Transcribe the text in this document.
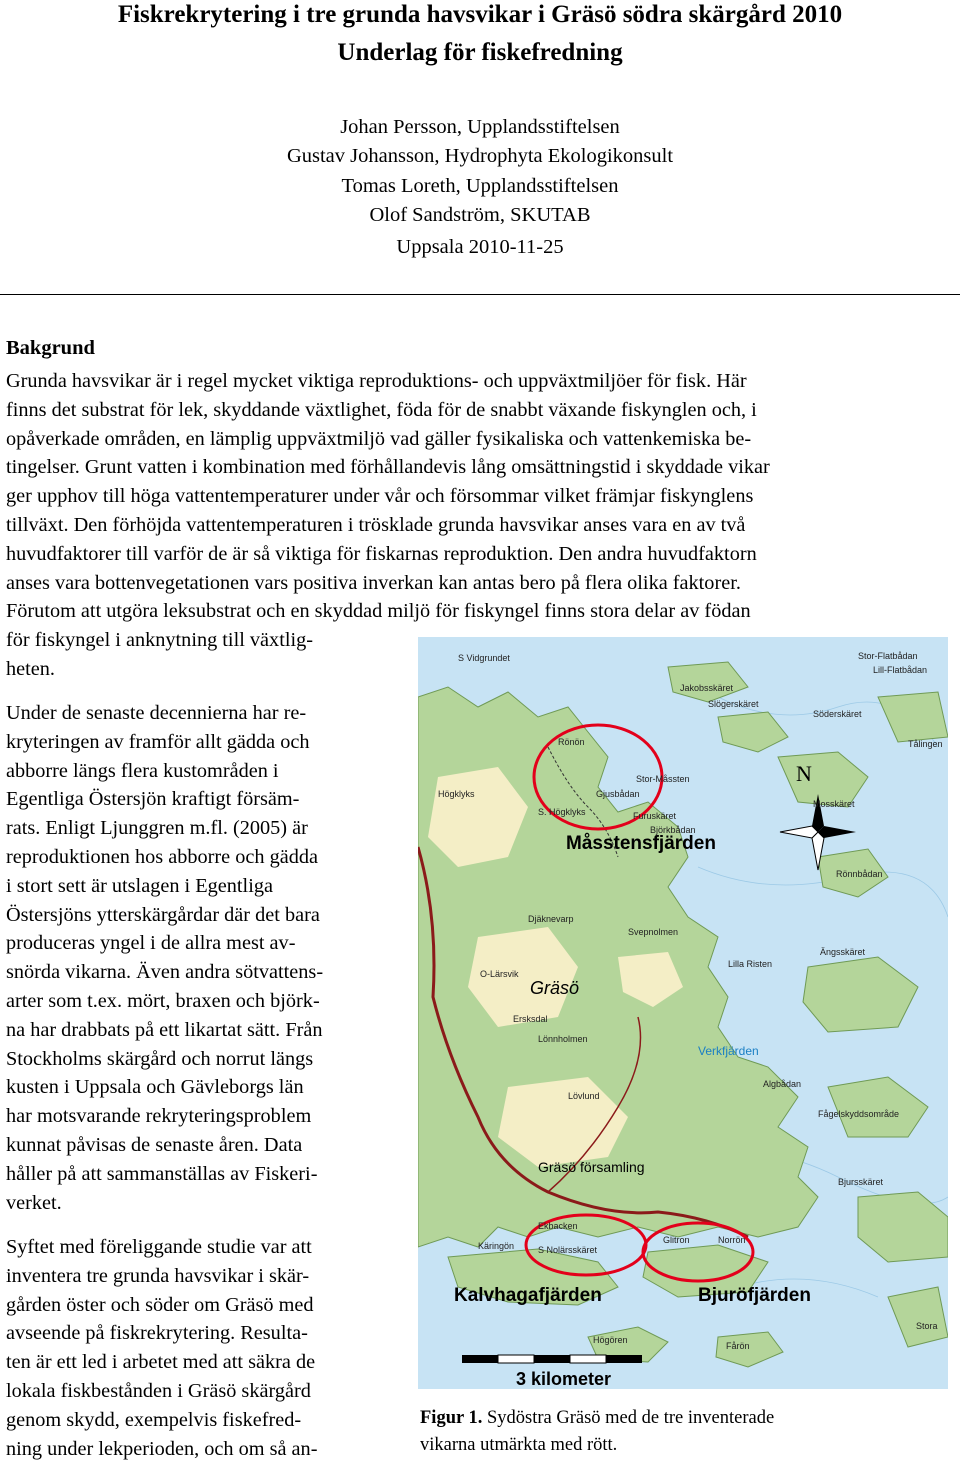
Fiskrekrytering i tre grunda havsvikar i Gräsö södra skärgård 2010
Underlag för fiskefredning
Johan Persson, Upplandsstiftelsen
Gustav Johansson, Hydrophyta Ekologikonsult
Tomas Loreth, Upplandsstiftelsen
Olof Sandström, SKUTAB
Uppsala 2010-11-25
Bakgrund
Grunda havsvikar är i regel mycket viktiga reproduktions- och uppväxtmiljöer för fisk. Här
finns det substrat för lek, skyddande växtlighet, föda för de snabbt växande fiskynglen och, i
opåverkade områden, en lämplig uppväxtmiljö vad gäller fysikaliska och vattenkemiska be-
tingelser. Grunt vatten i kombination med förhållandevis lång omsättningstid i skyddade vikar
ger upphov till höga vattentemperaturer under vår och försommar vilket främjar fiskynglens
tillväxt. Den förhöjda vattentemperaturen i trösklade grunda havsvikar anses vara en av två
huvudfaktorer till varför de är så viktiga för fiskarnas reproduktion. Den andra huvudfaktorn
anses vara bottenvegetationen vars positiva inverkan kan antas bero på flera olika faktorer.
Förutom att utgöra leksubstrat och en skyddad miljö för fiskyngel finns stora delar av födan
för fiskyngel i anknytning till växtlig-
heten.
Under de senaste decennierna har re-
kryteringen av framför allt gädda och
abborre längs flera kustområden i
Egentliga Östersjön kraftigt försäm-
rats. Enligt Ljunggren m.fl. (2005) är
reproduktionen hos abborre och gädda
i stort sett är utslagen i Egentliga
Östersjöns ytterskärgårdar där det bara
produceras yngel i de allra mest av-
snörda vikarna. Även andra sötvattens-
arter som t.ex. mört, braxen och björk-
na har drabbats på ett likartat sätt. Från
Stockholms skärgård och norrut längs
kusten i Uppsala och Gävleborgs län
har motsvarande rekryteringsproblem
kunnat påvisas de senaste åren. Data
håller på att sammanställas av Fiskeri-
verket.
Syftet med föreliggande studie var att
inventera tre grunda havsvikar i skär-
gården öster och söder om Gräsö med
avseende på fiskrekrytering. Resulta-
ten är ett led i arbetet med att säkra de
lokala fiskbestånden i Gräsö skärgård
genom skydd, exempelvis fiskefred-
ning under lekperioden, och om så an-
N
Måsstensfjärden
Gräsö
Kalvhagafjärden	Bjuröfjärden
S Vidgrundet	Stor-Flatbådan
Lill-Flatbådan
Jakobsskäret
Slögerskäret
Söderskäret
Tålingen
Rönön
Stor-Måssten
Gjusbådan
Furuskäret
Högklyks
S. Högklyks
Björkbådan
Mosskäret
Rönnbådan
Djäknevarp
Svepnolmen
Lilla Risten
O-Lärsvik
Ängsskäret
Ersksdal
Lönnholmen
Verkfjärden
Algbådan
Lövlund
Fågelskyddsområde
Gräsö församling
Bjursskäret
Ekbacken
Käringön	S Nolärsskäret
Glitron	Norrön
Högören
Fårön
Stora
3 kilometer
Figur 1. Sydöstra Gräsö med de tre inventerade
vikarna utmärkta med rött.
